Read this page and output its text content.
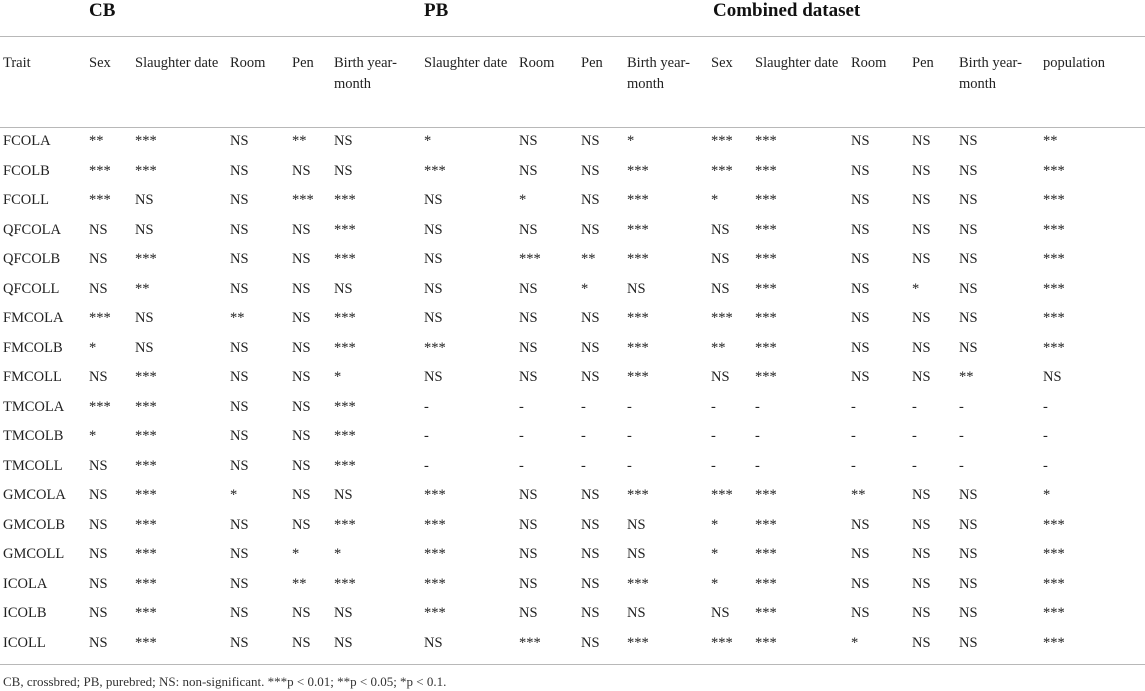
CB	PB	Combined dataset
Trait	Sex	Slaughter date	Room	Pen	Birth year-month	Slaughter date	Room	Pen	Birth year-month	Sex	Slaughter date	Room	Pen	Birth year-month	population
FCOLA	**	***	NS	**	NS	*	NS	NS	*	***	***	NS	NS	NS	**
FCOLB	***	***	NS	NS	NS	***	NS	NS	***	***	***	NS	NS	NS	***
FCOLL	***	NS	NS	***	***	NS	*	NS	***	*	***	NS	NS	NS	***
QFCOLA	NS	NS	NS	NS	***	NS	NS	NS	***	NS	***	NS	NS	NS	***
QFCOLB	NS	***	NS	NS	***	NS	***	**	***	NS	***	NS	NS	NS	***
QFCOLL	NS	**	NS	NS	NS	NS	NS	*	NS	NS	***	NS	*	NS	***
FMCOLA	***	NS	**	NS	***	NS	NS	NS	***	***	***	NS	NS	NS	***
FMCOLB	*	NS	NS	NS	***	***	NS	NS	***	**	***	NS	NS	NS	***
FMCOLL	NS	***	NS	NS	*	NS	NS	NS	***	NS	***	NS	NS	**	NS
TMCOLA	***	***	NS	NS	***	-	-	-	-	-	-	-	-	-	-
TMCOLB	*	***	NS	NS	***	-	-	-	-	-	-	-	-	-	-
TMCOLL	NS	***	NS	NS	***	-	-	-	-	-	-	-	-	-	-
GMCOLA	NS	***	*	NS	NS	***	NS	NS	***	***	***	**	NS	NS	*
GMCOLB	NS	***	NS	NS	***	***	NS	NS	NS	*	***	NS	NS	NS	***
GMCOLL	NS	***	NS	*	*	***	NS	NS	NS	*	***	NS	NS	NS	***
ICOLA	NS	***	NS	**	***	***	NS	NS	***	*	***	NS	NS	NS	***
ICOLB	NS	***	NS	NS	NS	***	NS	NS	NS	NS	***	NS	NS	NS	***
ICOLL	NS	***	NS	NS	NS	NS	***	NS	***	***	***	*	NS	NS	***
CB, crossbred; PB, purebred; NS: non-significant. ***p < 0.01; **p < 0.05; *p < 0.1.
